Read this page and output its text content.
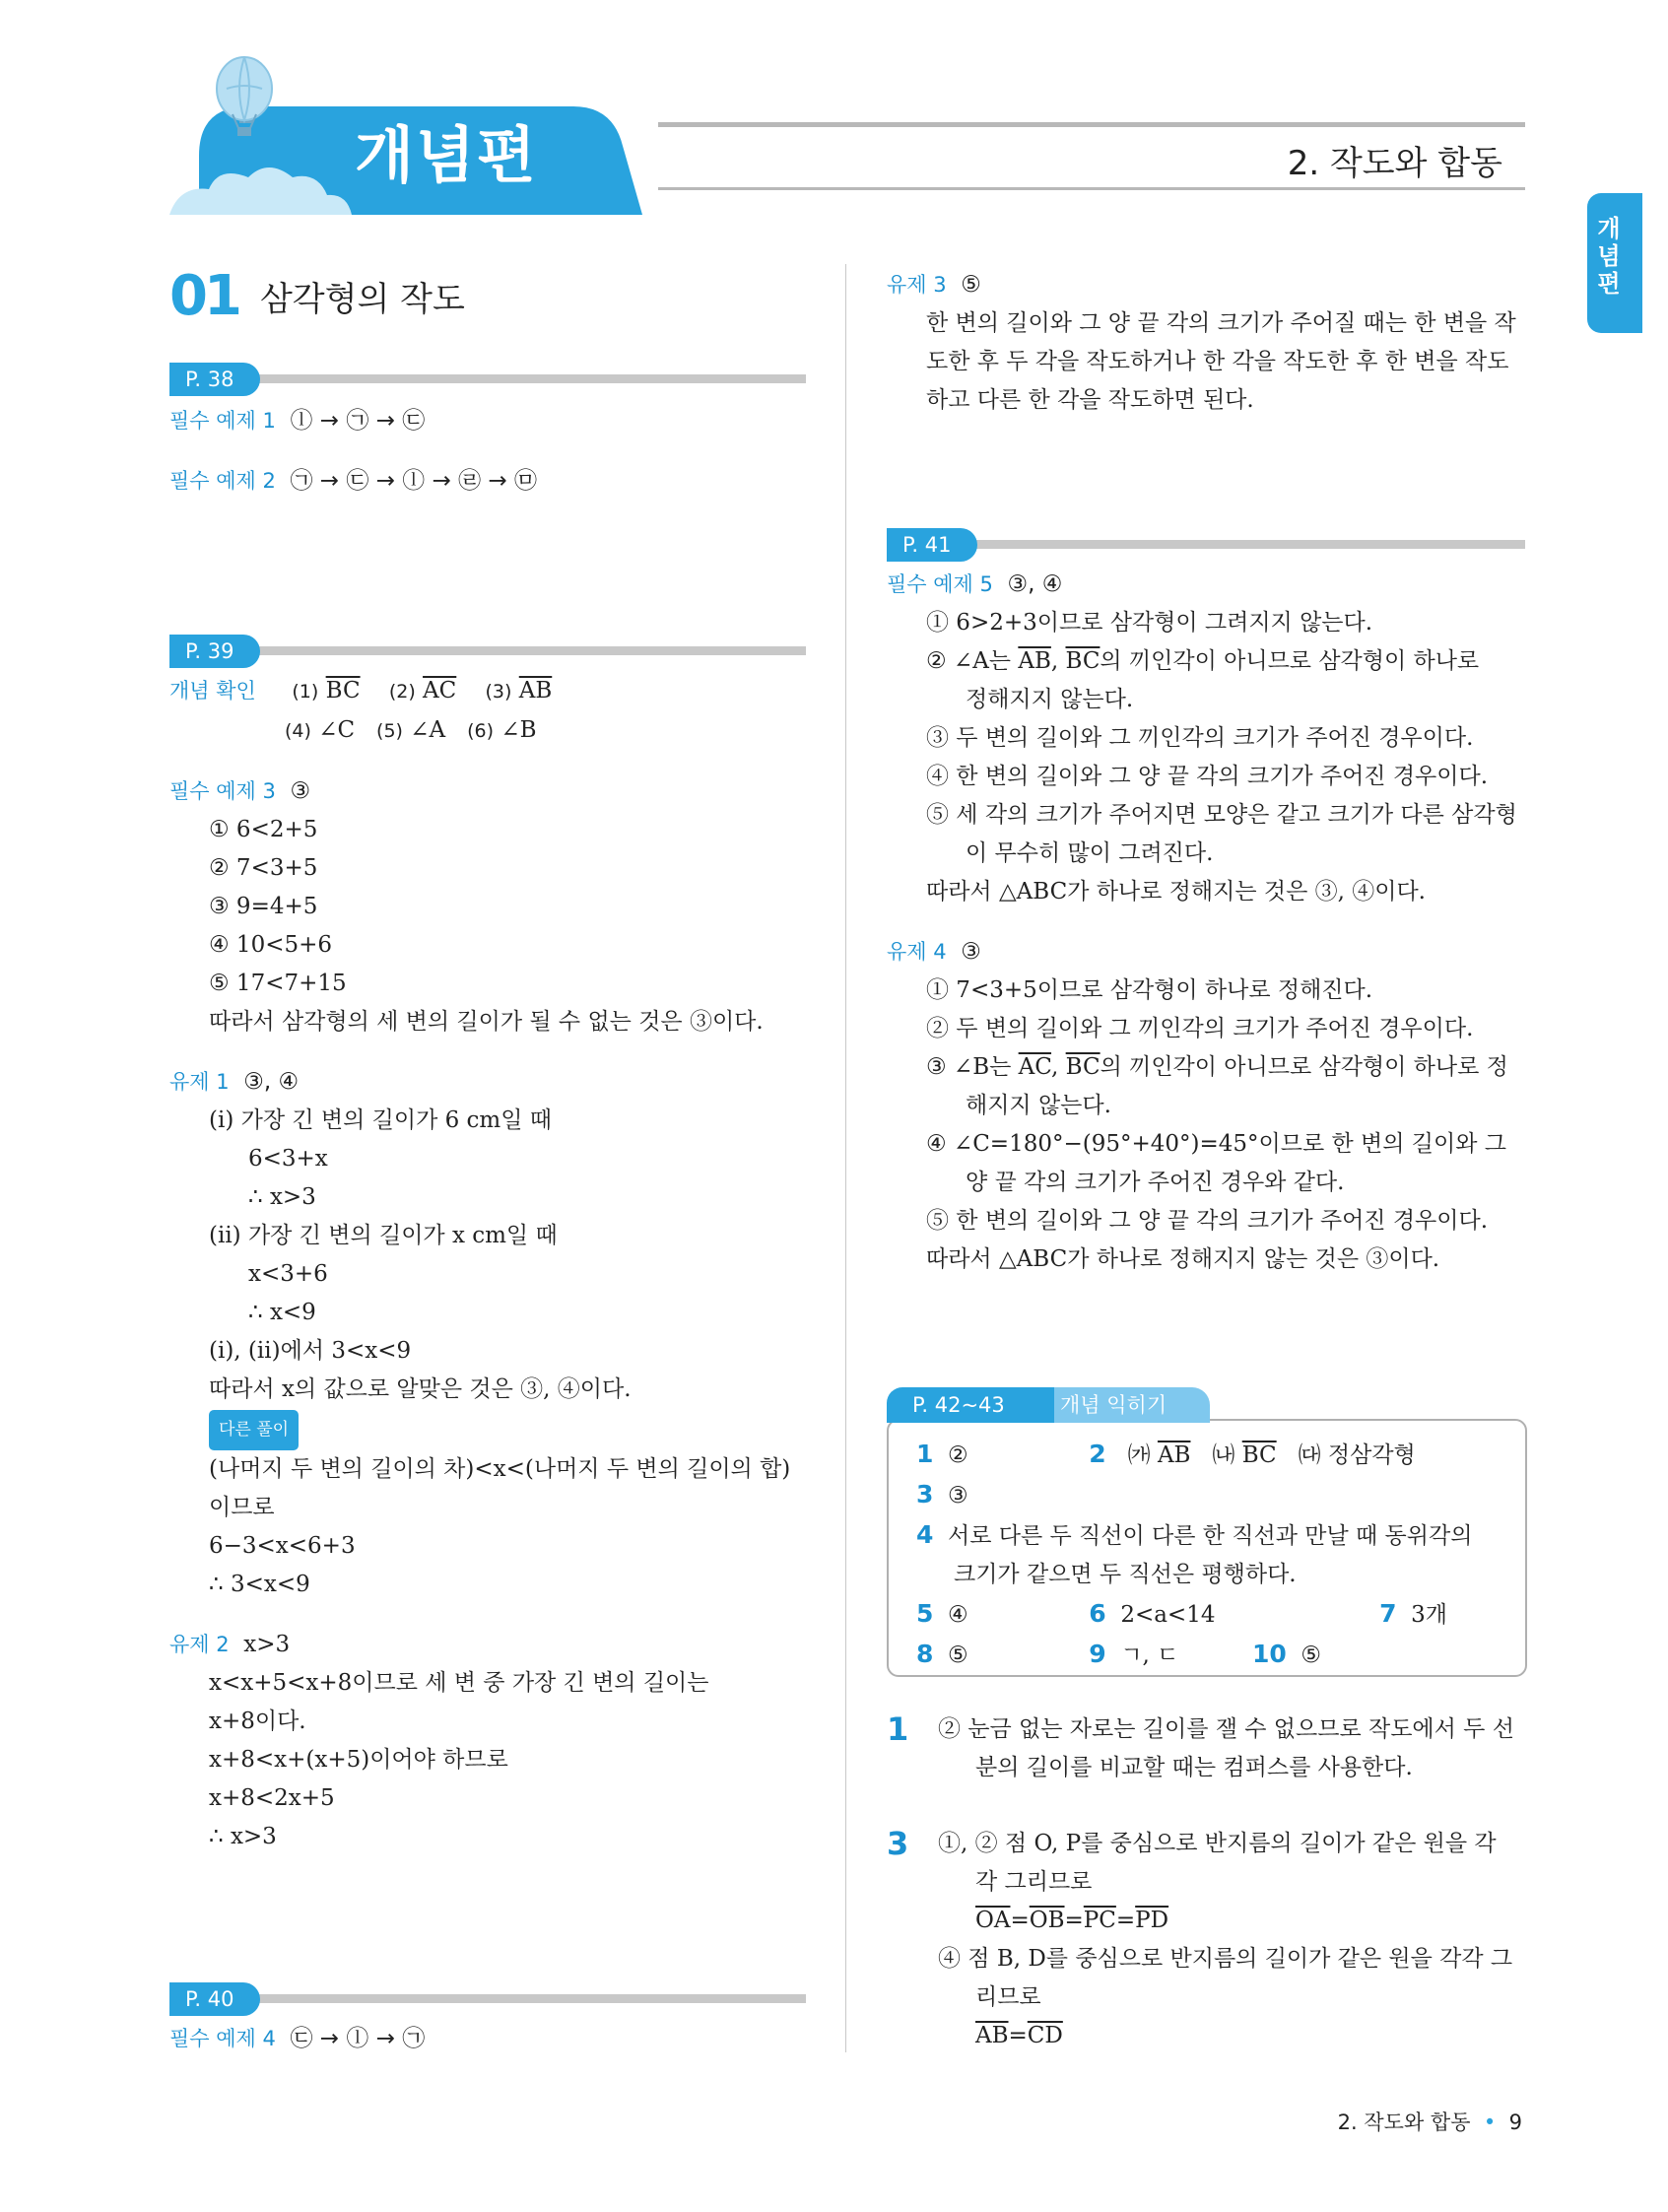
개념편	2. 작도와 합동
개념편
01 삼각형의 작도
P. 38
필수 예제 1 ⓛ → ㉠ → ㉢
필수 예제 2 ㉠ → ㉢ → ⓛ → ㉣ → ㉤
P. 39
개념 확인 (1) $\overline{BC}$ (2) $\overline{AC}$ (3) $\overline{AB}$
(4) ∠C (5) ∠A (6) ∠B
필수 예제 3 ③
① 6<2+5
② 7<3+5
③ 9=4+5
④ 10<5+6
⑤ 17<7+15
따라서 삼각형의 세 변의 길이가 될 수 없는 것은 ③이다.
유제 1 ③, ④
(ⅰ) 가장 긴 변의 길이가 6 cm일 때
6<3+x
∴ x>3
(ⅱ) 가장 긴 변의 길이가 x cm일 때
x<3+6
∴ x<9
(ⅰ), (ⅱ)에서 3<x<9
따라서 x의 값으로 알맞은 것은 ③, ④이다.
다른 풀이
(나머지 두 변의 길이의 차)<x<(나머지 두 변의 길이의 합)
이므로
6−3<x<6+3
∴ 3<x<9
유제 2 x>3
x<x+5<x+8이므로 세 변 중 가장 긴 변의 길이는
x+8이다.
x+8<x+(x+5)이어야 하므로
x+8<2x+5
∴ x>3
P. 40
필수 예제 4 ㉢ → ⓛ → ㉠
유제 3 ⑤
한 변의 길이와 그 양 끝 각의 크기가 주어질 때는 한 변을 작
도한 후 두 각을 작도하거나 한 각을 작도한 후 한 변을 작도
하고 다른 한 각을 작도하면 된다.
P. 41
필수 예제 5 ③, ④
① 6>2+3이므로 삼각형이 그려지지 않는다.
② ∠A는 $\overline{AB}$, $\overline{BC}$의 끼인각이 아니므로 삼각형이 하나로
정해지지 않는다.
③ 두 변의 길이와 그 끼인각의 크기가 주어진 경우이다.
④ 한 변의 길이와 그 양 끝 각의 크기가 주어진 경우이다.
⑤ 세 각의 크기가 주어지면 모양은 같고 크기가 다른 삼각형
이 무수히 많이 그려진다.
따라서 △ABC가 하나로 정해지는 것은 ③, ④이다.
유제 4 ③
① 7<3+5이므로 삼각형이 하나로 정해진다.
② 두 변의 길이와 그 끼인각의 크기가 주어진 경우이다.
③ ∠B는 $\overline{AC}$, $\overline{BC}$의 끼인각이 아니므로 삼각형이 하나로 정
해지지 않는다.
④ ∠C=180°−(95°+40°)=45°이므로 한 변의 길이와 그
양 끝 각의 크기가 주어진 경우와 같다.
⑤ 한 변의 길이와 그 양 끝 각의 크기가 주어진 경우이다.
따라서 △ABC가 하나로 정해지지 않는 것은 ③이다.
개념 익히기
P. 42~43
1 ②	2 ㈎ $\overline{AB}$ ㈏ $\overline{BC}$ ㈐ 정삼각형
3 ③
4 서로 다른 두 직선이 다른 한 직선과 만날 때 동위각의
크기가 같으면 두 직선은 평행하다.
5 ④	6 2<a<14	7 3개
8 ⑤	9 ㄱ, ㄷ	10 ⑤
1	② 눈금 없는 자로는 길이를 잴 수 없으므로 작도에서 두 선
분의 길이를 비교할 때는 컴퍼스를 사용한다.
3	①, ② 점 O, P를 중심으로 반지름의 길이가 같은 원을 각
각 그리므로
$\overline{OA}=\overline{OB}=\overline{PC}=\overline{PD}$
④ 점 B, D를 중심으로 반지름의 길이가 같은 원을 각각 그
리므로
$\overline{AB}=\overline{CD}$
2. 작도와 합동  •  9
